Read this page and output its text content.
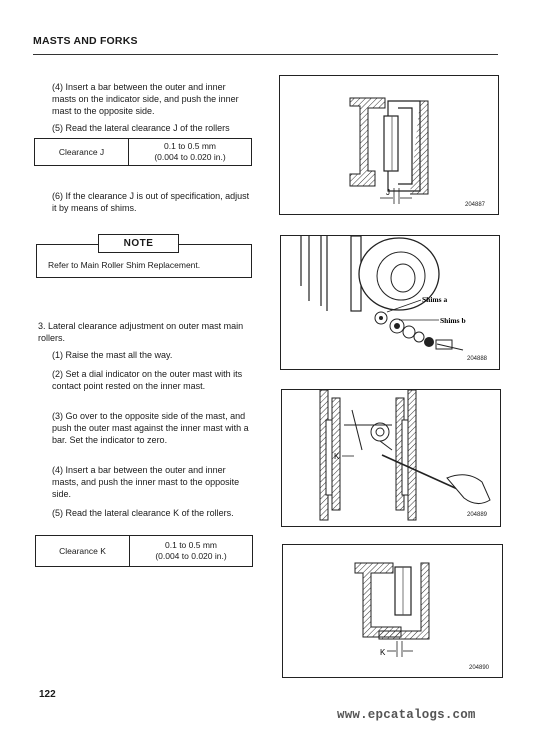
MASTS AND FORKS
(4) Insert a bar between the outer and inner masts on the indicator side, and push the inner mast to the opposite side.
(5) Read the lateral clearance J of the rollers
Clearance J
0.1 to 0.5 mm
(0.004 to 0.020 in.)
(6) If the clearance J is out of specification, adjust it by means of shims.
Refer to Main Roller Shim Replacement.
NOTE
3. Lateral clearance adjustment on outer mast main rollers.
(1) Raise the mast all the way.
(2) Set a dial indicator on the outer mast with its contact point rested on the inner mast.
(3) Go over to the opposite side of the mast, and push the outer mast against the inner mast with a bar. Set the indicator to zero.
(4) Insert a bar between the outer and inner masts, and push the inner mast to the opposite side.
(5) Read the lateral clearance K of the rollers.
Clearance K
0.1 to 0.5 mm
(0.004 to 0.020 in.)
J
204887
Shims a
Shims b
204888
K
204889
K
204890
122
www.epcatalogs.com
